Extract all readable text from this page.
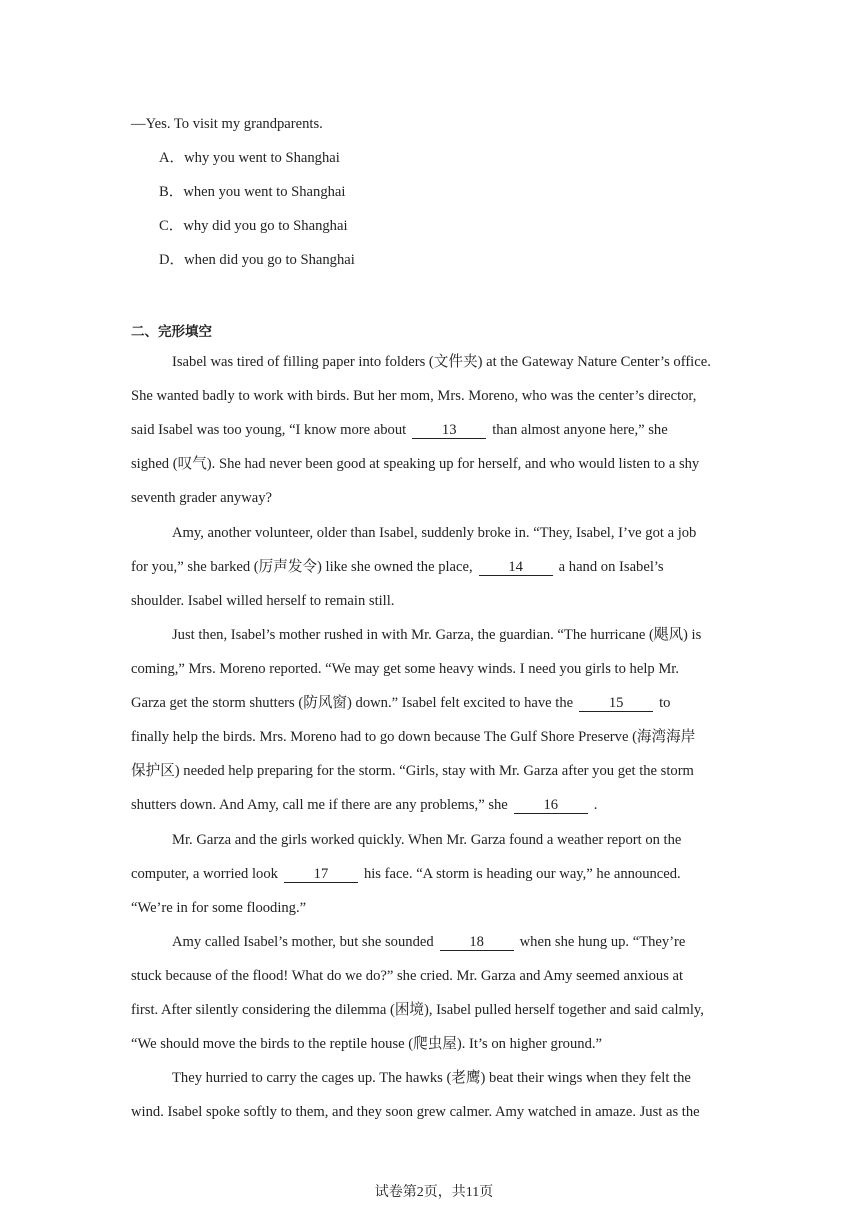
—Yes. To visit my grandparents.
A．why you went to Shanghai
B．when you went to Shanghai
C．why did you go to Shanghai
D．when did you go to Shanghai
二、完形填空
Isabel was tired of filling paper into folders (文件夹) at the Gateway Nature Center’s office.
She wanted badly to work with birds. But her mom, Mrs. Moreno, who was the center’s director,
said Isabel was too young, “I know more about 13 than almost anyone here,” she
sighed (叹气). She had never been good at speaking up for herself, and who would listen to a shy
seventh grader anyway?
Amy, another volunteer, older than Isabel, suddenly broke in. “They, Isabel, I’ve got a job
for you,” she barked (厉声发令) like she owned the place, 14 a hand on Isabel’s
shoulder. Isabel willed herself to remain still.
Just then, Isabel’s mother rushed in with Mr. Garza, the guardian. “The hurricane (飓风) is
coming,” Mrs. Moreno reported. “We may get some heavy winds. I need you girls to help Mr.
Garza get the storm shutters (防风窗) down.” Isabel felt excited to have the 15 to
finally help the birds. Mrs. Moreno had to go down because The Gulf Shore Preserve (海湾海岸
保护区) needed help preparing for the storm. “Girls, stay with Mr. Garza after you get the storm
shutters down. And Amy, call me if there are any problems,” she 16 .
Mr. Garza and the girls worked quickly. When Mr. Garza found a weather report on the
computer, a worried look 17 his face. “A storm is heading our way,” he announced.
“We’re in for some flooding.”
Amy called Isabel’s mother, but she sounded 18 when she hung up. “They’re
stuck because of the flood! What do we do?” she cried. Mr. Garza and Amy seemed anxious at
first. After silently considering the dilemma (困境), Isabel pulled herself together and said calmly,
“We should move the birds to the reptile house (爬虫屋). It’s on higher ground.”
They hurried to carry the cages up. The hawks (老鹰) beat their wings when they felt the
wind. Isabel spoke softly to them, and they soon grew calmer. Amy watched in amaze. Just as the
试卷第2页，共11页
